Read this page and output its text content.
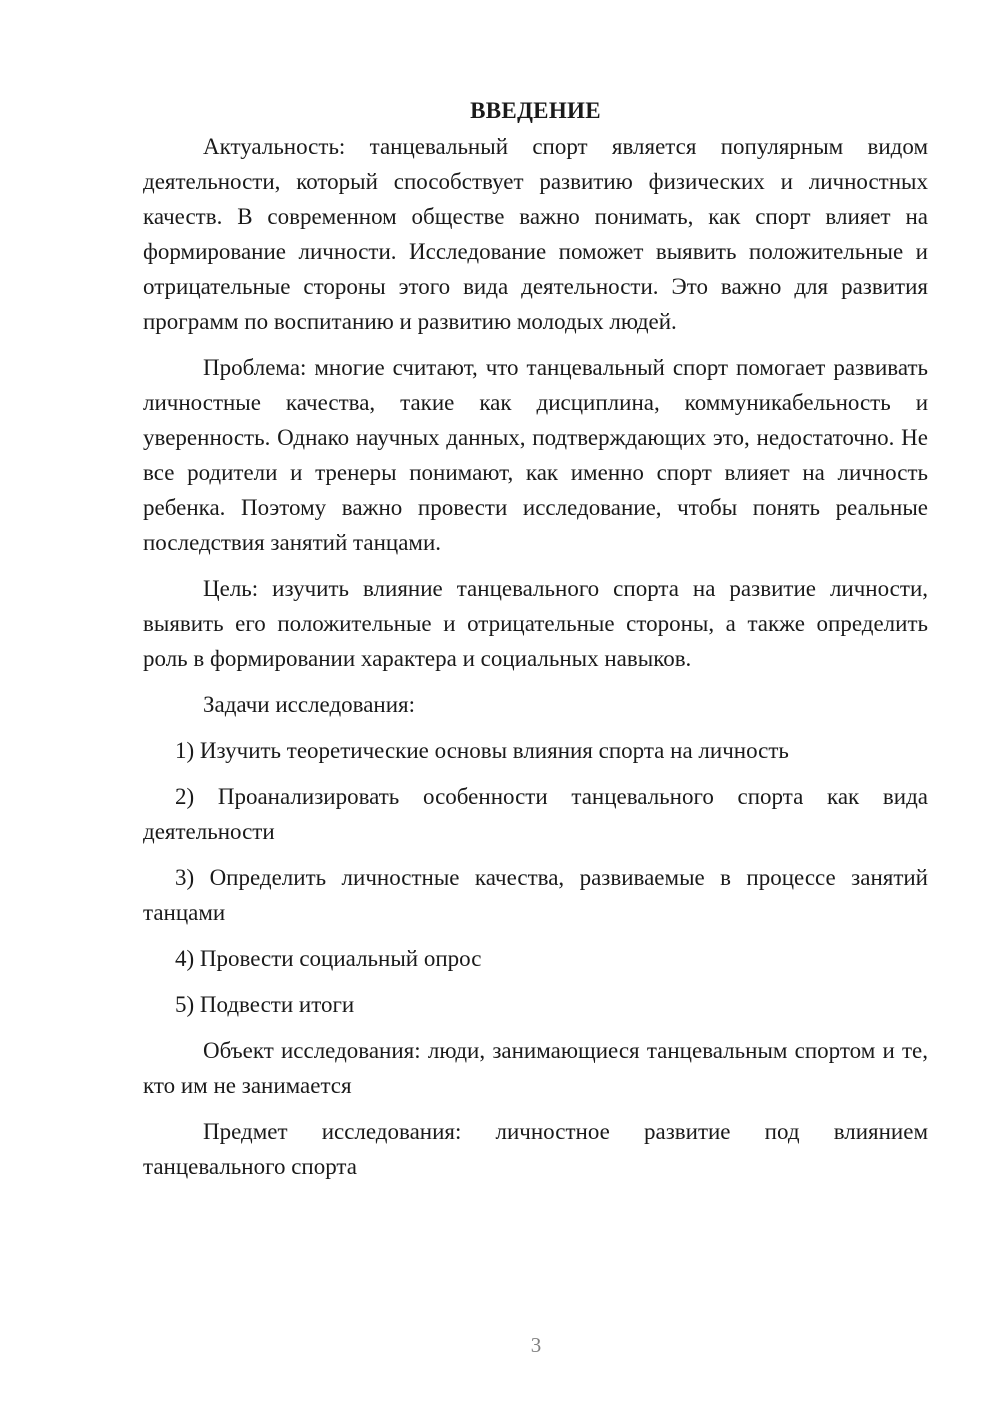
ВВЕДЕНИЕ

Актуальность: танцевальный спорт является популярным видом деятельности, который способствует развитию физических и личностных качеств. В современном обществе важно понимать, как спорт влияет на формирование личности. Исследование поможет выявить положительные и отрицательные стороны этого вида деятельности. Это важно для развития программ по воспитанию и развитию молодых людей.

Проблема: многие считают, что танцевальный спорт помогает развивать личностные качества, такие как дисциплина, коммуникабельность и уверенность. Однако научных данных, подтверждающих это, недостаточно. Не все родители и тренеры понимают, как именно спорт влияет на личность ребенка. Поэтому важно провести исследование, чтобы понять реальные последствия занятий танцами.

Цель: изучить влияние танцевального спорта на развитие личности, выявить его положительные и отрицательные стороны, а также определить роль в формировании характера и социальных навыков.

Задачи исследования:

1) Изучить теоретические основы влияния спорта на личность

2) Проанализировать особенности танцевального спорта как вида деятельности

3) Определить личностные качества, развиваемые в процессе занятий танцами

4) Провести социальный опрос

5) Подвести итоги

Объект исследования: люди, занимающиеся танцевальным спортом и те, кто им не занимается

Предмет исследования: личностное развитие под влиянием танцевального спорта

3
